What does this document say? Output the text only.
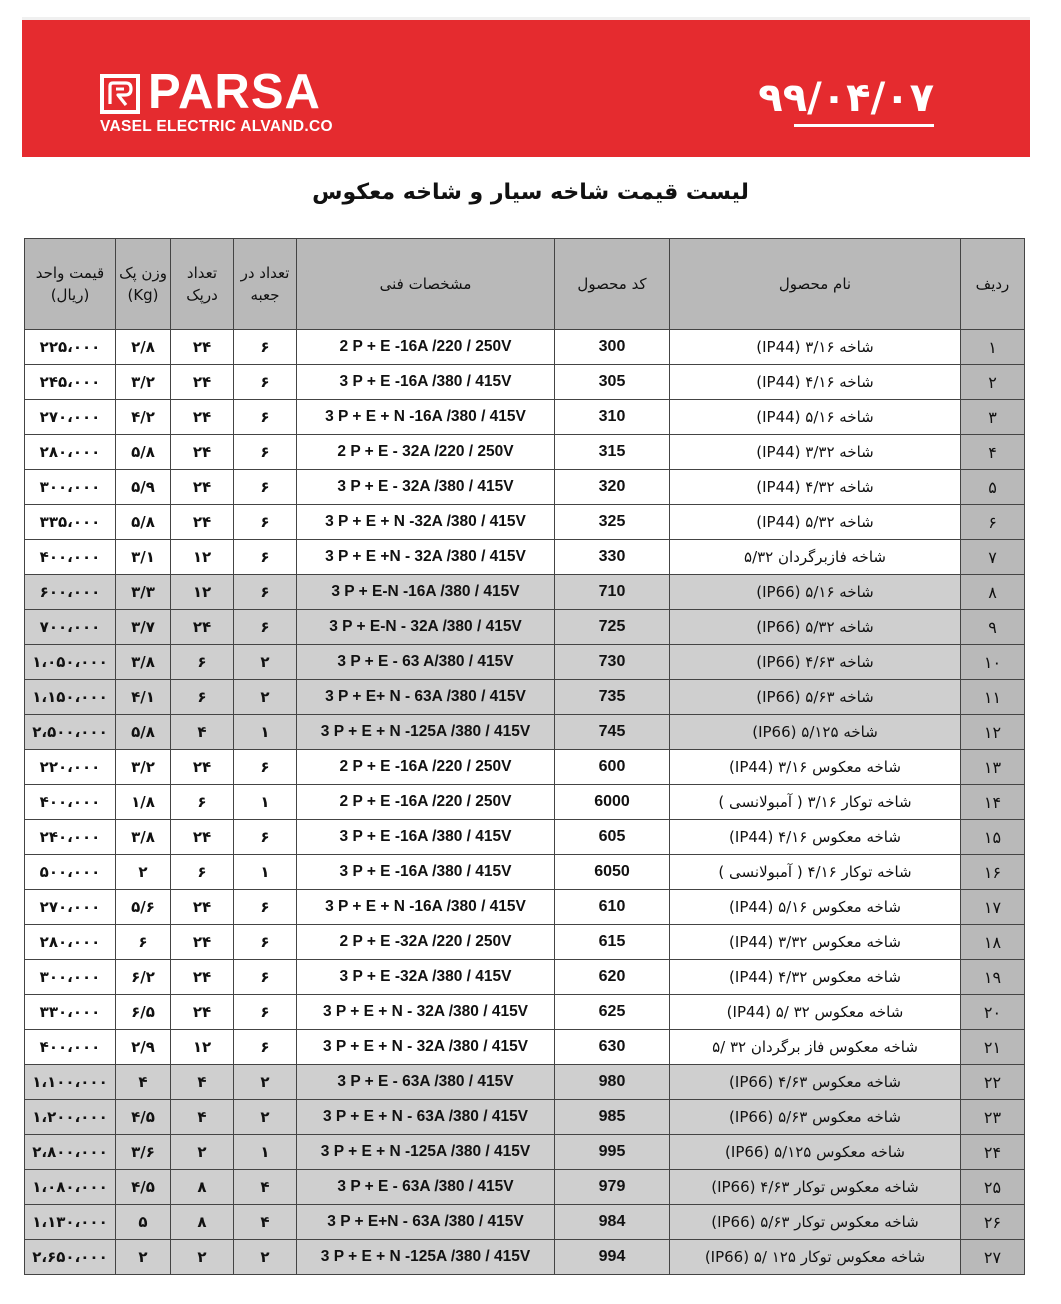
PARSA
VASEL ELECTRIC ALVAND.CO
۹۹/۰۴/۰۷
لیست قیمت شاخه سیار و شاخه معکوس
ردیف	نام محصول	کد محصول	مشخصات فنی	تعداد در جعبه	تعداد درپک	وزن پک (Kg)	قیمت واحد (ریال)
۱	شاخه ۳/۱۶ (IP44)	300	2 P + E -16A /220 / 250V	۶	۲۴	۲/۸	۲۲۵،۰۰۰
۲	شاخه ۴/۱۶ (IP44)	305	3 P + E -16A /380 / 415V	۶	۲۴	۳/۲	۲۴۵،۰۰۰
۳	شاخه ۵/۱۶ (IP44)	310	3 P + E + N -16A /380 / 415V	۶	۲۴	۴/۲	۲۷۰،۰۰۰
۴	شاخه ۳/۳۲ (IP44)	315	2 P + E - 32A /220 / 250V	۶	۲۴	۵/۸	۲۸۰،۰۰۰
۵	شاخه ۴/۳۲ (IP44)	320	3 P + E - 32A /380 / 415V	۶	۲۴	۵/۹	۳۰۰،۰۰۰
۶	شاخه ۵/۳۲ (IP44)	325	3 P + E + N -32A /380 / 415V	۶	۲۴	۵/۸	۳۳۵،۰۰۰
۷	شاخه فازبرگردان ۵/۳۲	330	3 P + E +N - 32A /380 / 415V	۶	۱۲	۳/۱	۴۰۰،۰۰۰
۸	شاخه ۵/۱۶ (IP66)	710	3 P + E-N -16A /380 / 415V	۶	۱۲	۳/۳	۶۰۰،۰۰۰
۹	شاخه ۵/۳۲ (IP66)	725	3 P + E-N - 32A /380 / 415V	۶	۲۴	۳/۷	۷۰۰،۰۰۰
۱۰	شاخه ۴/۶۳ (IP66)	730	3 P + E - 63 A/380 / 415V	۲	۶	۳/۸	۱،۰۵۰،۰۰۰
۱۱	شاخه ۵/۶۳ (IP66)	735	3 P + E+ N - 63A /380 / 415V	۲	۶	۴/۱	۱،۱۵۰،۰۰۰
۱۲	شاخه ۵/۱۲۵ (IP66)	745	3 P + E + N -125A /380 / 415V	۱	۴	۵/۸	۲،۵۰۰،۰۰۰
۱۳	شاخه معکوس ۳/۱۶ (IP44)	600	2 P + E -16A /220 / 250V	۶	۲۴	۳/۲	۲۲۰،۰۰۰
۱۴	شاخه توکار ۳/۱۶ ( آمبولانسی )	6000	2 P + E -16A /220 / 250V	۱	۶	۱/۸	۴۰۰،۰۰۰
۱۵	شاخه معکوس ۴/۱۶ (IP44)	605	3 P + E -16A /380 / 415V	۶	۲۴	۳/۸	۲۴۰،۰۰۰
۱۶	شاخه توکار ۴/۱۶ ( آمبولانسی )	6050	3 P + E -16A /380 / 415V	۱	۶	۲	۵۰۰،۰۰۰
۱۷	شاخه معکوس ۵/۱۶ (IP44)	610	3 P + E + N -16A /380 / 415V	۶	۲۴	۵/۶	۲۷۰،۰۰۰
۱۸	شاخه معکوس ۳/۳۲ (IP44)	615	2 P + E -32A /220 / 250V	۶	۲۴	۶	۲۸۰،۰۰۰
۱۹	شاخه معکوس ۴/۳۲ (IP44)	620	3 P + E -32A /380 / 415V	۶	۲۴	۶/۲	۳۰۰،۰۰۰
۲۰	شاخه معکوس ۳۲ /۵ (IP44)	625	3 P + E + N - 32A /380 / 415V	۶	۲۴	۶/۵	۳۳۰،۰۰۰
۲۱	شاخه معکوس فاز برگردان ۳۲ /۵	630	3 P + E + N - 32A /380 / 415V	۶	۱۲	۲/۹	۴۰۰،۰۰۰
۲۲	شاخه معکوس ۴/۶۳ (IP66)	980	3 P + E - 63A /380 / 415V	۲	۴	۴	۱،۱۰۰،۰۰۰
۲۳	شاخه معکوس ۵/۶۳ (IP66)	985	3 P + E + N - 63A /380 / 415V	۲	۴	۴/۵	۱،۲۰۰،۰۰۰
۲۴	شاخه معکوس ۵/۱۲۵ (IP66)	995	3 P + E + N -125A /380 / 415V	۱	۲	۳/۶	۲،۸۰۰،۰۰۰
۲۵	شاخه معکوس توکار ۴/۶۳ (IP66)	979	3 P + E - 63A /380 / 415V	۴	۸	۴/۵	۱،۰۸۰،۰۰۰
۲۶	شاخه معکوس توکار ۵/۶۳ (IP66)	984	3 P + E+N - 63A /380 / 415V	۴	۸	۵	۱،۱۳۰،۰۰۰
۲۷	شاخه معکوس توکار ۱۲۵ /۵ (IP66)	994	3 P + E + N -125A /380 / 415V	۲	۲	۲	۲،۶۵۰،۰۰۰
